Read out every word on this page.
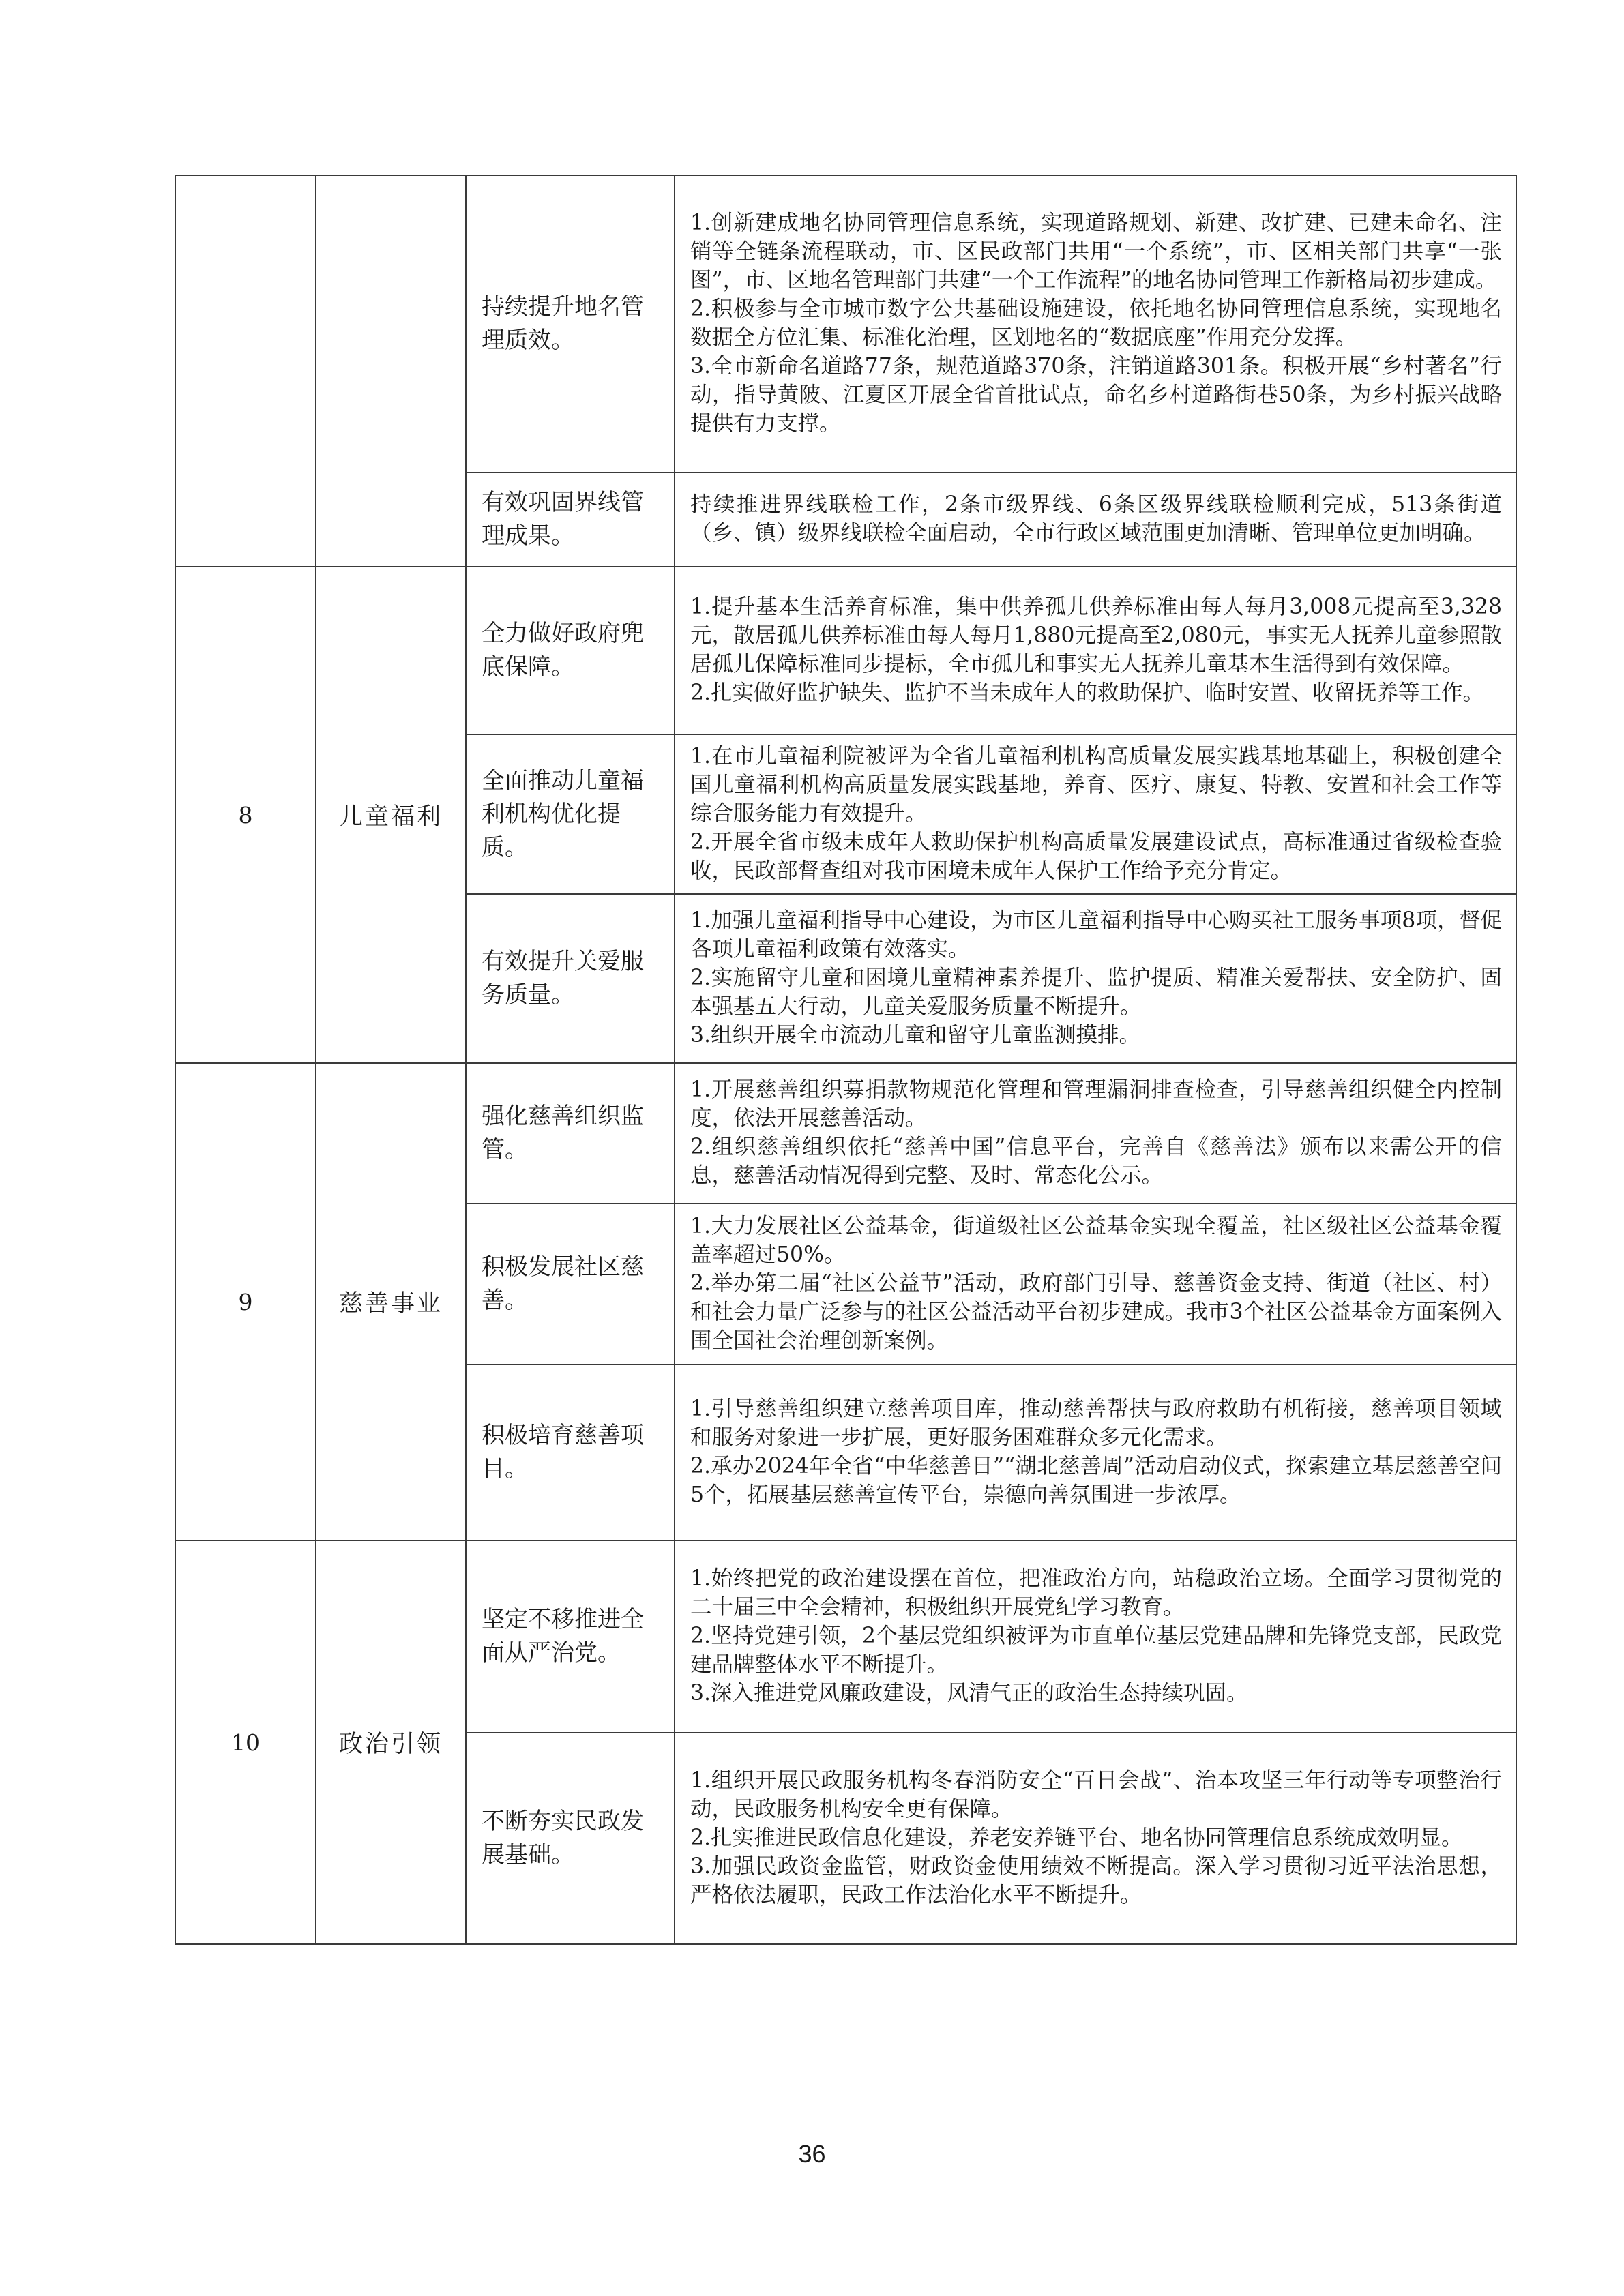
		持续提升地名管理质效。	1.创新建成地名协同管理信息系统，实现道路规划、新建、改扩建、已建未命名、注销等全链条流程联动，市、区民政部门共用“一个系统”，市、区相关部门共享“一张图”，市、区地名管理部门共建“一个工作流程”的地名协同管理工作新格局初步建成。
2.积极参与全市城市数字公共基础设施建设，依托地名协同管理信息系统，实现地名数据全方位汇集、标准化治理，区划地名的“数据底座”作用充分发挥。
3.全市新命名道路77条，规范道路370条，注销道路301条。积极开展“乡村著名”行动，指导黄陂、江夏区开展全省首批试点，命名乡村道路街巷50条，为乡村振兴战略提供有力支撑。

		有效巩固界线管理成果。	持续推进界线联检工作，2条市级界线、6条区级界线联检顺利完成，513条街道（乡、镇）级界线联检全面启动，全市行政区域范围更加清晰、管理单位更加明确。

8	儿童福利	全力做好政府兜底保障。	1.提升基本生活养育标准，集中供养孤儿供养标准由每人每月3,008元提高至3,328元，散居孤儿供养标准由每人每月1,880元提高至2,080元，事实无人抚养儿童参照散居孤儿保障标准同步提标，全市孤儿和事实无人抚养儿童基本生活得到有效保障。
2.扎实做好监护缺失、监护不当未成年人的救助保护、临时安置、收留抚养等工作。

		全面推动儿童福利机构优化提质。	1.在市儿童福利院被评为全省儿童福利机构高质量发展实践基地基础上，积极创建全国儿童福利机构高质量发展实践基地，养育、医疗、康复、特教、安置和社会工作等综合服务能力有效提升。
2.开展全省市级未成年人救助保护机构高质量发展建设试点，高标准通过省级检查验收，民政部督查组对我市困境未成年人保护工作给予充分肯定。

		有效提升关爱服务质量。	1.加强儿童福利指导中心建设，为市区儿童福利指导中心购买社工服务事项8项，督促各项儿童福利政策有效落实。
2.实施留守儿童和困境儿童精神素养提升、监护提质、精准关爱帮扶、安全防护、固本强基五大行动，儿童关爱服务质量不断提升。
3.组织开展全市流动儿童和留守儿童监测摸排。

9	慈善事业	强化慈善组织监管。	1.开展慈善组织募捐款物规范化管理和管理漏洞排查检查，引导慈善组织健全内控制度，依法开展慈善活动。
2.组织慈善组织依托“慈善中国”信息平台，完善自《慈善法》颁布以来需公开的信息，慈善活动情况得到完整、及时、常态化公示。

		积极发展社区慈善。	1.大力发展社区公益基金，街道级社区公益基金实现全覆盖，社区级社区公益基金覆盖率超过50%。
2.举办第二届“社区公益节”活动，政府部门引导、慈善资金支持、街道（社区、村）和社会力量广泛参与的社区公益活动平台初步建成。我市3个社区公益基金方面案例入围全国社会治理创新案例。

		积极培育慈善项目。	1.引导慈善组织建立慈善项目库，推动慈善帮扶与政府救助有机衔接，慈善项目领域和服务对象进一步扩展，更好服务困难群众多元化需求。
2.承办2024年全省“中华慈善日”“湖北慈善周”活动启动仪式，探索建立基层慈善空间5个，拓展基层慈善宣传平台，崇德向善氛围进一步浓厚。

10	政治引领	坚定不移推进全面从严治党。	1.始终把党的政治建设摆在首位，把准政治方向，站稳政治立场。全面学习贯彻党的二十届三中全会精神，积极组织开展党纪学习教育。
2.坚持党建引领，2个基层党组织被评为市直单位基层党建品牌和先锋党支部，民政党建品牌整体水平不断提升。
3.深入推进党风廉政建设，风清气正的政治生态持续巩固。

		不断夯实民政发展基础。	1.组织开展民政服务机构冬春消防安全“百日会战”、治本攻坚三年行动等专项整治行动，民政服务机构安全更有保障。
2.扎实推进民政信息化建设，养老安养链平台、地名协同管理信息系统成效明显。
3.加强民政资金监管，财政资金使用绩效不断提高。深入学习贯彻习近平法治思想，严格依法履职，民政工作法治化水平不断提升。
36
